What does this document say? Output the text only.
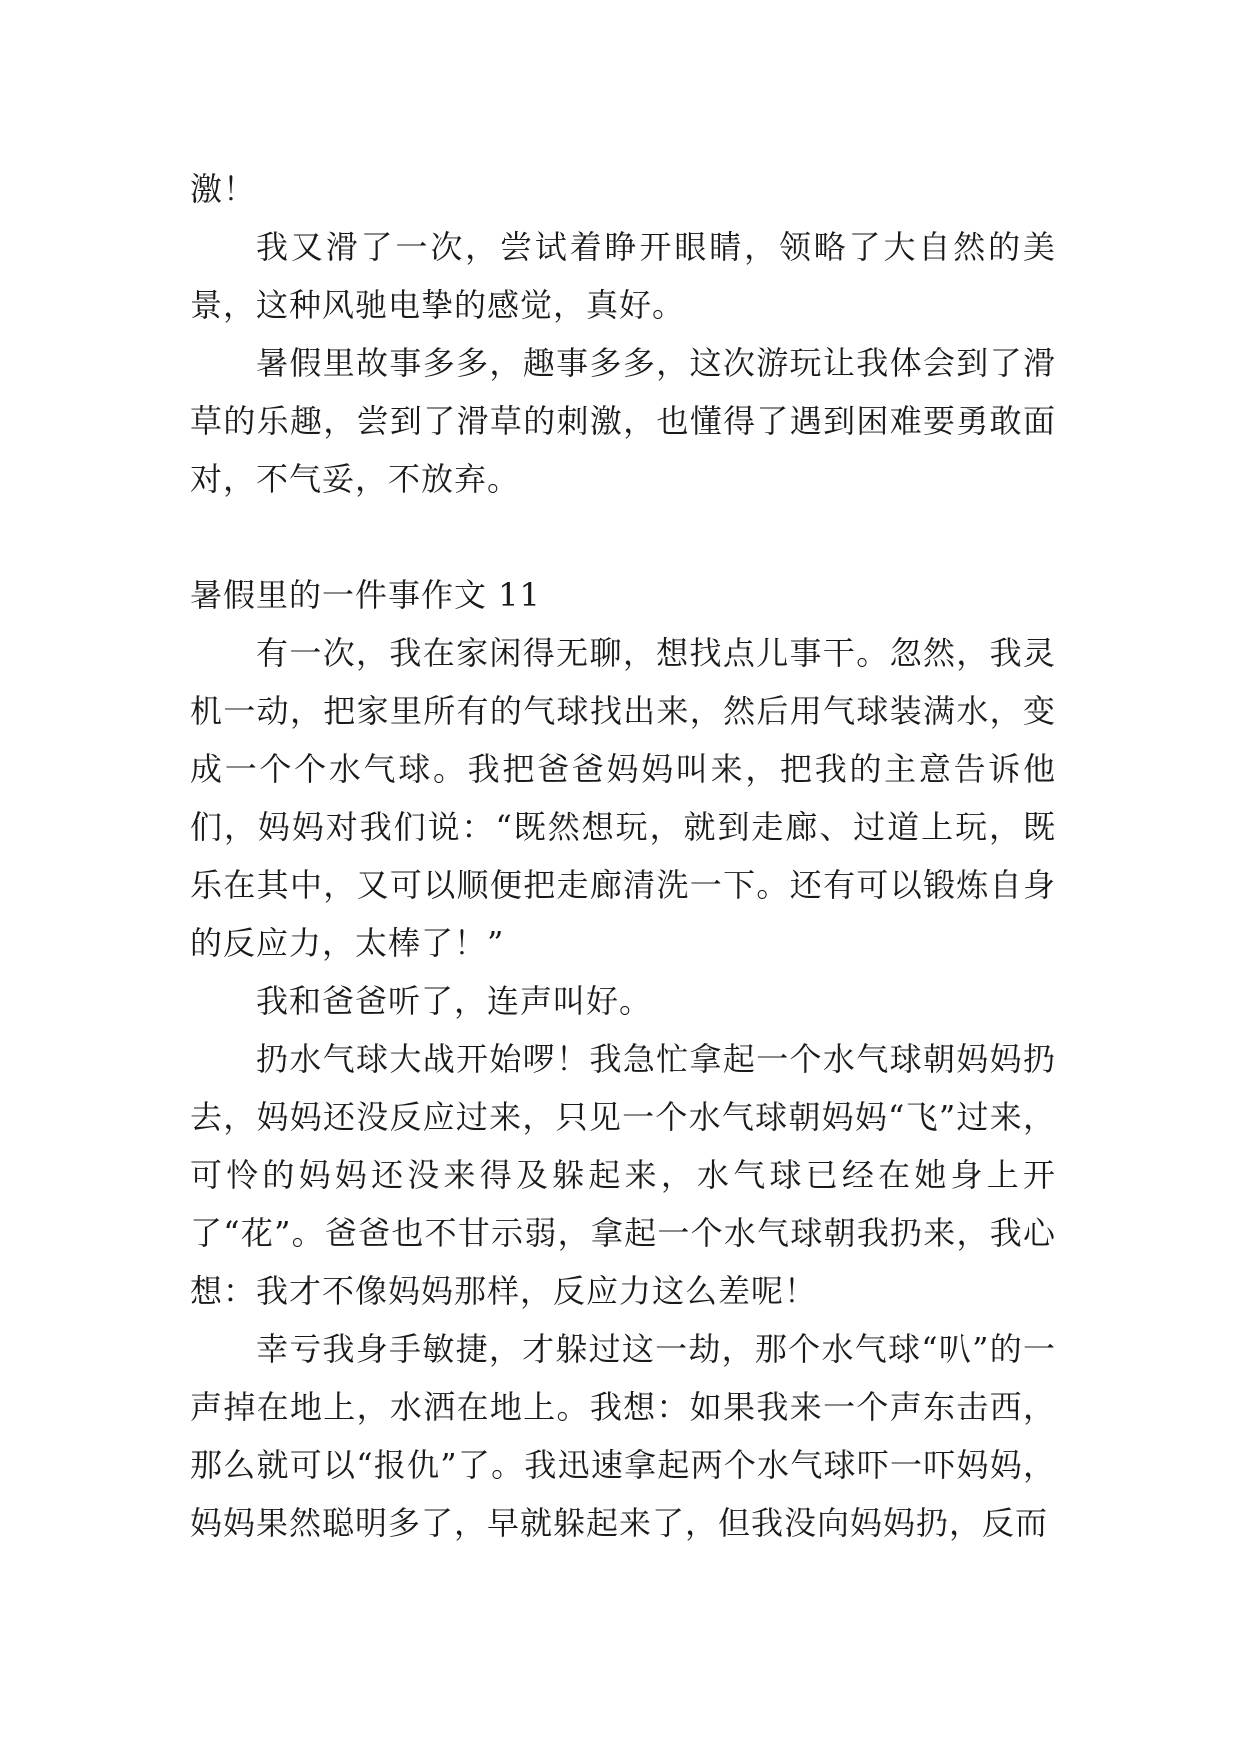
激！

我又滑了一次，尝试着睁开眼睛，领略了大自然的美景，这种风驰电挚的感觉，真好。

暑假里故事多多，趣事多多，这次游玩让我体会到了滑草的乐趣，尝到了滑草的刺激，也懂得了遇到困难要勇敢面对，不气妥，不放弃。

暑假里的一件事作文 11

有一次，我在家闲得无聊，想找点儿事干。忽然，我灵机一动，把家里所有的气球找出来，然后用气球装满水，变成一个个水气球。我把爸爸妈妈叫来，把我的主意告诉他们，妈妈对我们说：“既然想玩，就到走廊、过道上玩，既乐在其中，又可以顺便把走廊清洗一下。还有可以锻炼自身的反应力，太棒了！”

我和爸爸听了，连声叫好。

扔水气球大战开始啰！我急忙拿起一个水气球朝妈妈扔去，妈妈还没反应过来，只见一个水气球朝妈妈“飞”过来，可怜的妈妈还没来得及躲起来，水气球已经在她身上开了“花”。爸爸也不甘示弱，拿起一个水气球朝我扔来，我心想：我才不像妈妈那样，反应力这么差呢！

幸亏我身手敏捷，才躲过这一劫，那个水气球“叭”的一声掉在地上，水洒在地上。我想：如果我来一个声东击西，那么就可以“报仇”了。我迅速拿起两个水气球吓一吓妈妈，妈妈果然聪明多了，早就躲起来了，但我没向妈妈扔，反而
